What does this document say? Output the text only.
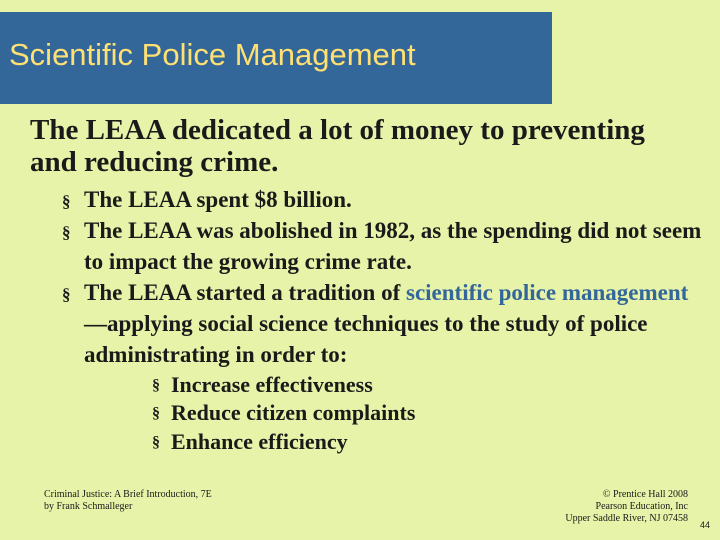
Scientific Police Management
The LEAA dedicated a lot of money to preventing and reducing crime.
§ The LEAA spent $8 billion.
§ The LEAA was abolished in 1982, as the spending did not seem to impact the growing crime rate.
§ The LEAA started a tradition of scientific police management—applying social science techniques to the study of police administrating in order to:
§ Increase effectiveness
§ Reduce citizen complaints
§ Enhance efficiency
Criminal Justice: A Brief Introduction, 7E
by Frank Schmalleger
© Prentice Hall 2008
Pearson Education, Inc
Upper Saddle River, NJ 07458
44
